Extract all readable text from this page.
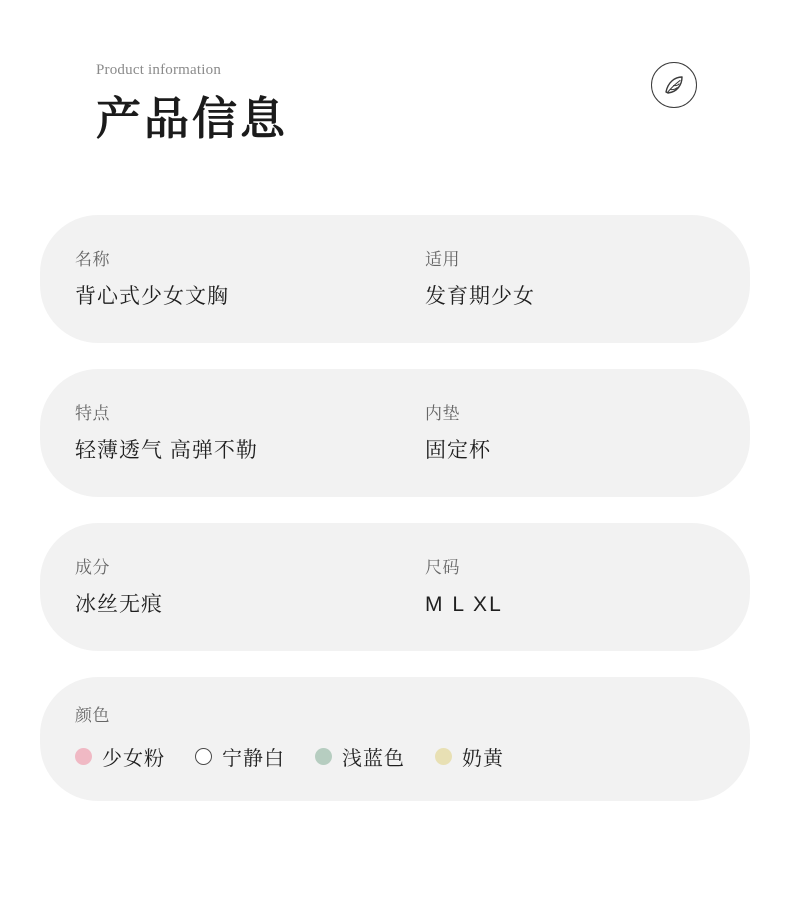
Product information

产品信息
名称
背心式少女文胸
适用
发育期少女
特点
轻薄透气 高弹不勒
内垫
固定杯
成分
冰丝无痕
尺码
M L XL
颜色
少女粉	宁静白	浅蓝色	奶黄
